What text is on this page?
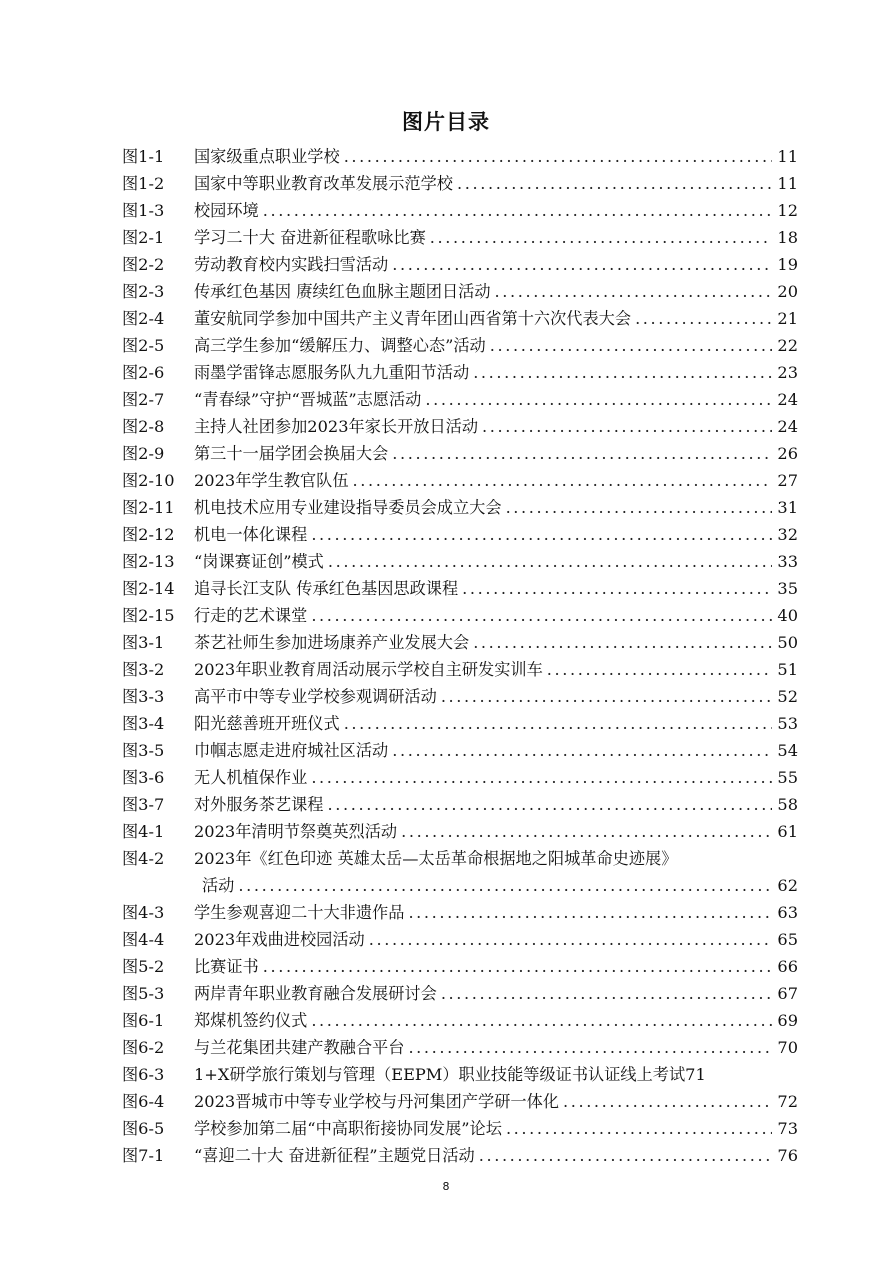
图片目录
图1-1	国家级重点职业学校 .....	11
图1-2	国家中等职业教育改革发展示范学校 .....	11
图1-3	校园环境 .....	12
图2-1	学习二十大 奋进新征程歌咏比赛 .....	18
图2-2	劳动教育校内实践扫雪活动 .....	19
图2-3	传承红色基因 赓续红色血脉主题团日活动 .....	20
图2-4	董安航同学参加中国共产主义青年团山西省第十六次代表大会 .....	21
图2-5	高三学生参加“缓解压力、调整心态”活动 .....	22
图2-6	雨墨学雷锋志愿服务队九九重阳节活动 .....	23
图2-7	“青春绿”守护“晋城蓝”志愿活动 .....	24
图2-8	主持人社团参加2023年家长开放日活动 .....	24
图2-9	第三十一届学团会换届大会 .....	26
图2-10	2023年学生教官队伍 .....	27
图2-11	机电技术应用专业建设指导委员会成立大会 .....	31
图2-12	机电一体化课程 .....	32
图2-13	“岗课赛证创”模式 .....	33
图2-14	追寻长江支队 传承红色基因思政课程 .....	35
图2-15	行走的艺术课堂 .....	40
图3-1	茶艺社师生参加进场康养产业发展大会 .....	50
图3-2	2023年职业教育周活动展示学校自主研发实训车 .....	51
图3-3	高平市中等专业学校参观调研活动 .....	52
图3-4	阳光慈善班开班仪式 .....	53
图3-5	巾帼志愿走进府城社区活动 .....	54
图3-6	无人机植保作业 .....	55
图3-7	对外服务茶艺课程 .....	58
图4-1	2023年清明节祭奠英烈活动 .....	61
图4-2	2023年《红色印迹 英雄太岳—太岳革命根据地之阳城革命史迹展》
活动 .....	62
图4-3	学生参观喜迎二十大非遗作品 .....	63
图4-4	2023年戏曲进校园活动 .....	65
图5-2	比赛证书 .....	66
图5-3	两岸青年职业教育融合发展研讨会 .....	67
图6-1	郑煤机签约仪式 .....	69
图6-2	与兰花集团共建产教融合平台 .....	70
图6-3	1+X研学旅行策划与管理（EEPM）职业技能等级证书认证线上考试71
图6-4	2023晋城市中等专业学校与丹河集团产学研一体化 .....	72
图6-5	学校参加第二届“中高职衔接协同发展”论坛 .....	73
图7-1	“喜迎二十大 奋进新征程”主题党日活动 .....	76
8
